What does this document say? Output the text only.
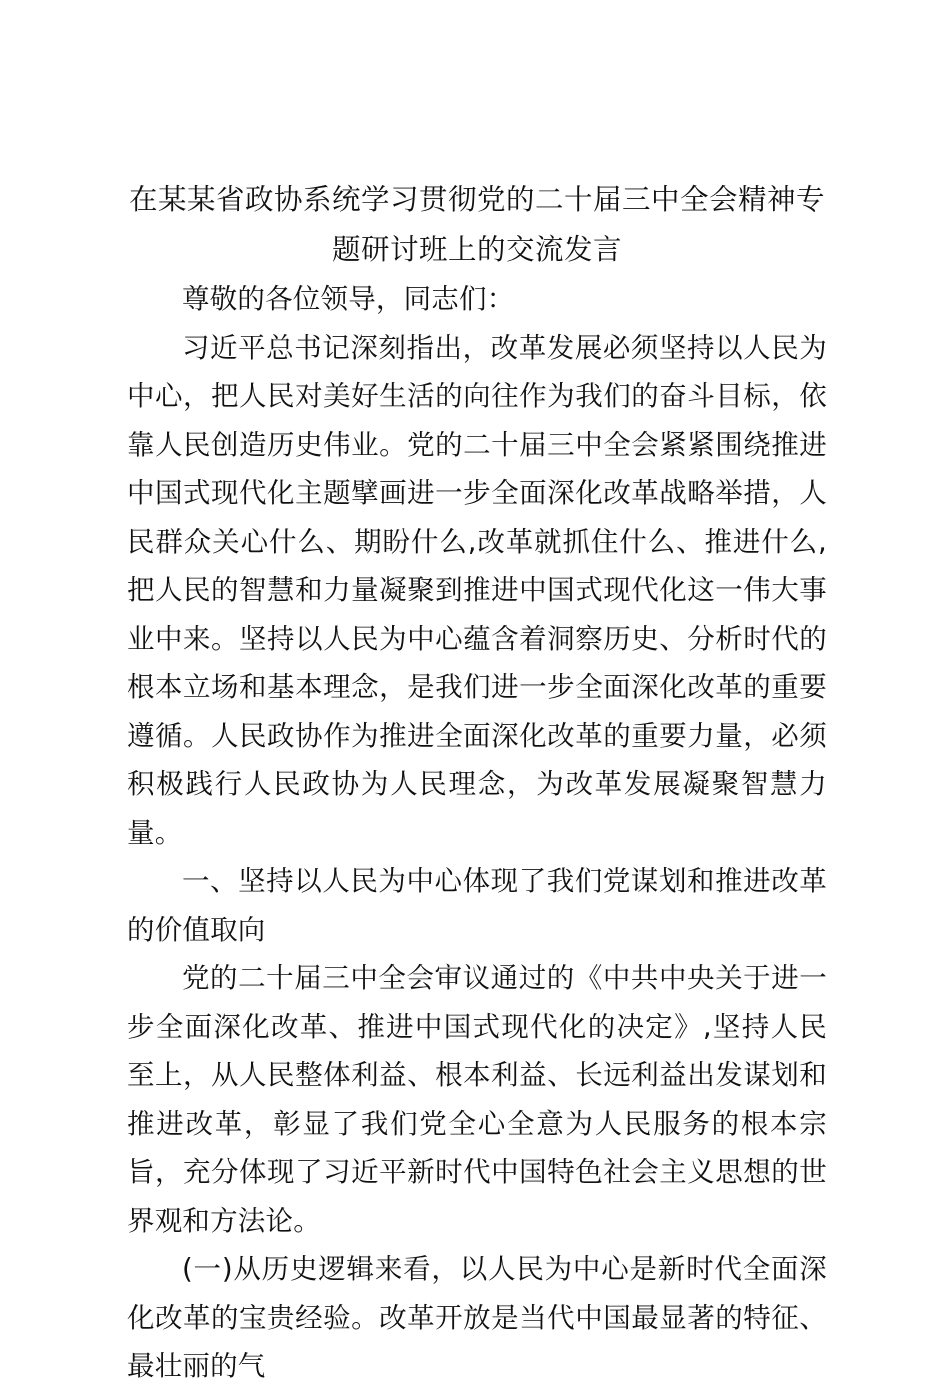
在某某省政协系统学习贯彻党的二十届三中全会精神专题研讨班上的交流发言

尊敬的各位领导，同志们：

习近平总书记深刻指出，改革发展必须坚持以人民为中心，把人民对美好生活的向往作为我们的奋斗目标，依靠人民创造历史伟业。党的二十届三中全会紧紧围绕推进中国式现代化主题擘画进一步全面深化改革战略举措，人民群众关心什么、期盼什么,改革就抓住什么、推进什么,把人民的智慧和力量凝聚到推进中国式现代化这一伟大事业中来。坚持以人民为中心蕴含着洞察历史、分析时代的根本立场和基本理念，是我们进一步全面深化改革的重要遵循。人民政协作为推进全面深化改革的重要力量，必须积极践行人民政协为人民理念，为改革发展凝聚智慧力量。

一、坚持以人民为中心体现了我们党谋划和推进改革的价值取向

党的二十届三中全会审议通过的《中共中央关于进一步全面深化改革、推进中国式现代化的决定》,坚持人民至上，从人民整体利益、根本利益、长远利益出发谋划和推进改革，彰显了我们党全心全意为人民服务的根本宗旨，充分体现了习近平新时代中国特色社会主义思想的世界观和方法论。

(一)从历史逻辑来看，以人民为中心是新时代全面深化改革的宝贵经验。改革开放是当代中国最显著的特征、最壮丽的气
